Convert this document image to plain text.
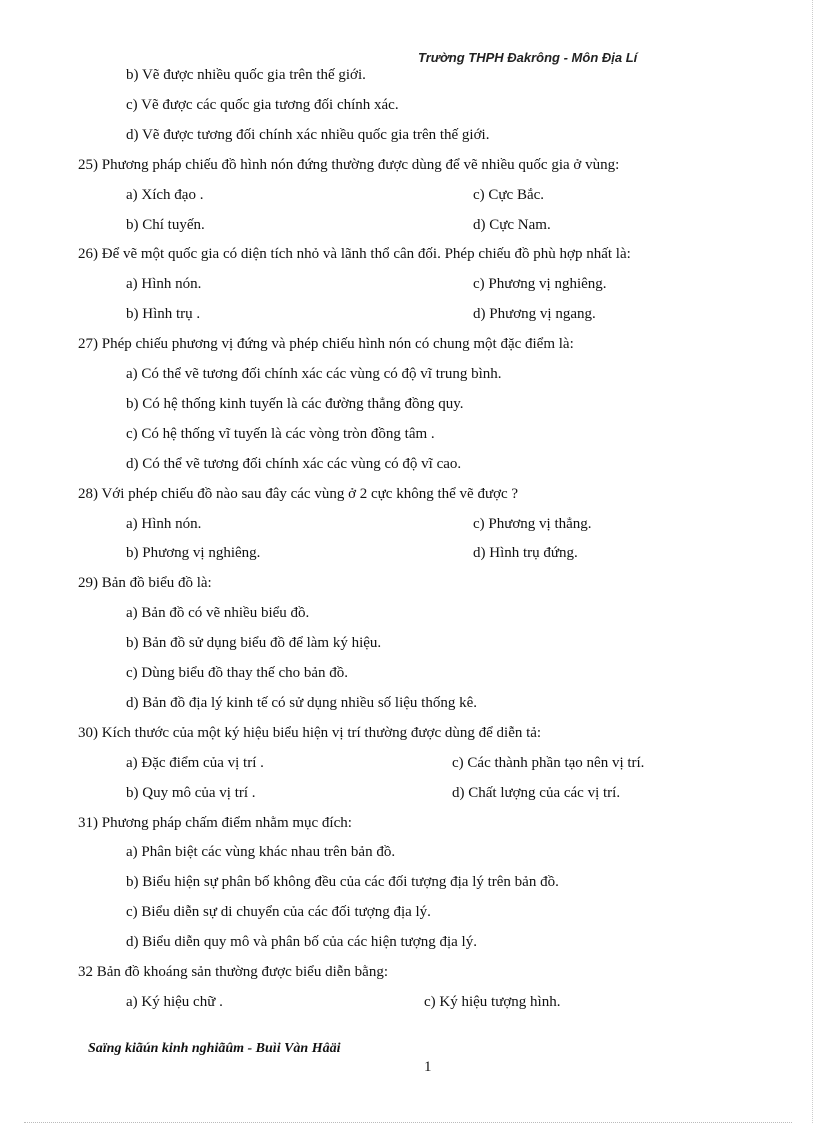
Trường THPH Đakrông - Môn Địa Lí
b) Vẽ được nhiều quốc gia trên thế giới.
c) Vẽ được các quốc gia tương đối chính xác.
d) Vẽ được tương đối chính xác nhiều quốc gia trên thế giới.
25) Phương pháp chiếu đồ hình nón đứng thường được dùng để vẽ nhiều quốc gia ở vùng:
a) Xích đạo .	c) Cực Bắc.
b) Chí tuyến.	d) Cực Nam.
26) Để vẽ một quốc gia có diện tích nhỏ và lãnh thổ cân đối. Phép chiếu đồ phù hợp nhất là:
a) Hình nón.	c) Phương vị nghiêng.
b) Hình trụ .	d) Phương vị ngang.
27) Phép chiếu phương vị đứng và phép chiếu hình nón có chung một đặc điểm là:
a) Có thể vẽ tương đối chính xác các vùng có độ vĩ trung bình.
b) Có hệ thống kinh tuyến là các đường thẳng đồng quy.
c) Có hệ thống vĩ tuyến là các vòng tròn đồng tâm .
d) Có thể vẽ tương đối chính xác các vùng có độ vĩ cao.
28) Với phép chiếu đồ nào sau đây các vùng ở 2 cực không thể vẽ được ?
a) Hình nón.	c) Phương vị thẳng.
b) Phương vị nghiêng.	d) Hình trụ đứng.
29) Bản đồ biểu đồ là:
a) Bản đồ có vẽ nhiều biểu đồ.
b) Bản đồ sử dụng biểu đồ để làm ký hiệu.
c) Dùng biểu đồ thay thế cho bản đồ.
d) Bản đồ địa lý kinh tế có sử dụng nhiều số liệu thống kê.
30) Kích thước của một ký hiệu biểu hiện vị trí thường được dùng để diễn tả:
a) Đặc điểm của vị trí .	c) Các thành phần tạo nên vị trí.
b) Quy mô của vị trí .	d) Chất lượng của các vị trí.
31) Phương pháp chấm điểm nhằm mục đích:
a) Phân biệt các vùng khác nhau trên bản đồ.
b) Biểu hiện sự phân bố không đều của các đối tượng địa lý trên bản đồ.
c) Biểu diễn sự di chuyển của các đối tượng địa lý.
d) Biểu diễn quy mô và phân bố của các hiện tượng địa lý.
32 Bản đồ khoáng sản thường được biểu diễn bằng:
a) Ký hiệu chữ .	c) Ký hiệu tượng hình.
Saïng kiãún kinh nghiãûm - Buìi Vàn Hâäi
1
